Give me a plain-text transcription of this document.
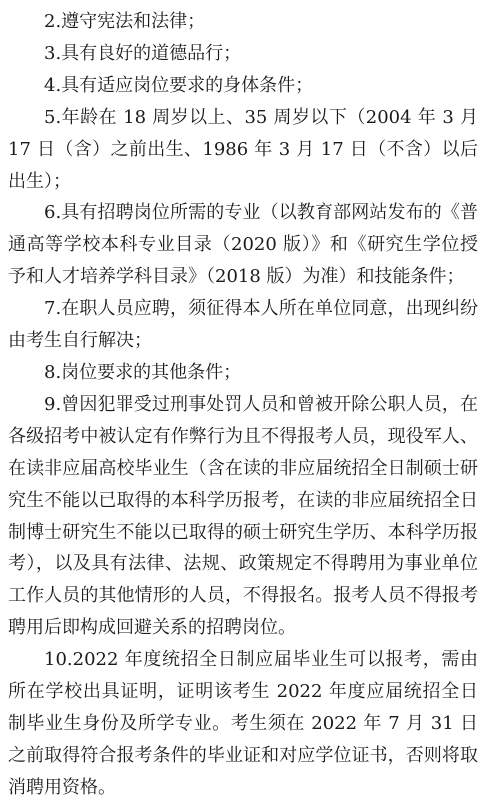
2.遵守宪法和法律；

3.具有良好的道德品行；

4.具有适应岗位要求的身体条件；

5.年龄在 18 周岁以上、35 周岁以下（2004 年 3 月 17 日（含）之前出生、1986 年 3 月 17 日（不含）以后出生）；

6.具有招聘岗位所需的专业（以教育部网站发布的《普通高等学校本科专业目录（2020 版）》和《研究生学位授予和人才培养学科目录》（2018 版）为准）和技能条件；

7.在职人员应聘，须征得本人所在单位同意，出现纠纷由考生自行解决；

8.岗位要求的其他条件；

9.曾因犯罪受过刑事处罚人员和曾被开除公职人员，在各级招考中被认定有作弊行为且不得报考人员，现役军人、在读非应届高校毕业生（含在读的非应届统招全日制硕士研究生不能以已取得的本科学历报考，在读的非应届统招全日制博士研究生不能以已取得的硕士研究生学历、本科学历报考），以及具有法律、法规、政策规定不得聘用为事业单位工作人员的其他情形的人员，不得报名。报考人员不得报考聘用后即构成回避关系的招聘岗位。

10.2022 年度统招全日制应届毕业生可以报考，需由所在学校出具证明，证明该考生 2022 年度应届统招全日制毕业生身份及所学专业。考生须在 2022 年 7 月 31 日之前取得符合报考条件的毕业证和对应学位证书，否则将取消聘用资格。
